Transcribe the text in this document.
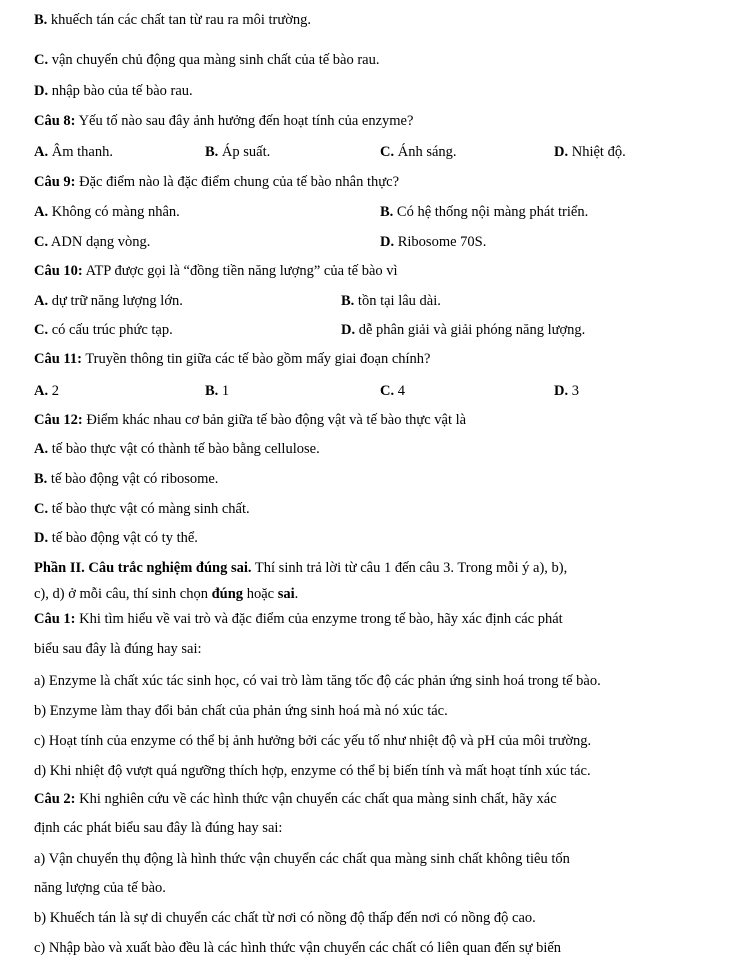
B. khuếch tán các chất tan từ rau ra môi trường.
C. vận chuyển chủ động qua màng sinh chất của tế bào rau.
D. nhập bào của tế bào rau.
Câu 8: Yếu tố nào sau đây ảnh hưởng đến hoạt tính của enzyme?
A. Âm thanh.	B. Áp suất.	C. Ánh sáng.	D. Nhiệt độ.
Câu 9: Đặc điểm nào là đặc điểm chung của tế bào nhân thực?
A. Không có màng nhân.	B. Có hệ thống nội màng phát triển.
C. ADN dạng vòng.	D. Ribosome 70S.
Câu 10: ATP được gọi là “đồng tiền năng lượng” của tế bào vì
A. dự trữ năng lượng lớn.	B. tồn tại lâu dài.
C. có cấu trúc phức tạp.	D. dễ phân giải và giải phóng năng lượng.
Câu 11: Truyền thông tin giữa các tế bào gồm mấy giai đoạn chính?
A. 2	B. 1	C. 4	D. 3
Câu 12: Điểm khác nhau cơ bản giữa tế bào động vật và tế bào thực vật là
A. tế bào thực vật có thành tế bào bằng cellulose.
B. tế bào động vật có ribosome.
C. tế bào thực vật có màng sinh chất.
D. tế bào động vật có ty thể.
Phần II. Câu trắc nghiệm đúng sai. Thí sinh trả lời từ câu 1 đến câu 3. Trong mỗi ý a), b),
c), d) ở mỗi câu, thí sinh chọn đúng hoặc sai.
Câu 1: Khi tìm hiểu về vai trò và đặc điểm của enzyme trong tế bào, hãy xác định các phát
biểu sau đây là đúng hay sai:
a) Enzyme là chất xúc tác sinh học, có vai trò làm tăng tốc độ các phản ứng sinh hoá trong tế bào.
b) Enzyme làm thay đổi bản chất của phản ứng sinh hoá mà nó xúc tác.
c) Hoạt tính của enzyme có thể bị ảnh hưởng bởi các yếu tố như nhiệt độ và pH của môi trường.
d) Khi nhiệt độ vượt quá ngưỡng thích hợp, enzyme có thể bị biến tính và mất hoạt tính xúc tác.
Câu 2: Khi nghiên cứu về các hình thức vận chuyển các chất qua màng sinh chất, hãy xác
định các phát biểu sau đây là đúng hay sai:
a) Vận chuyển thụ động là hình thức vận chuyển các chất qua màng sinh chất không tiêu tốn
năng lượng của tế bào.
b) Khuếch tán là sự di chuyển các chất từ nơi có nồng độ thấp đến nơi có nồng độ cao.
c) Nhập bào và xuất bào đều là các hình thức vận chuyển các chất có liên quan đến sự biến
